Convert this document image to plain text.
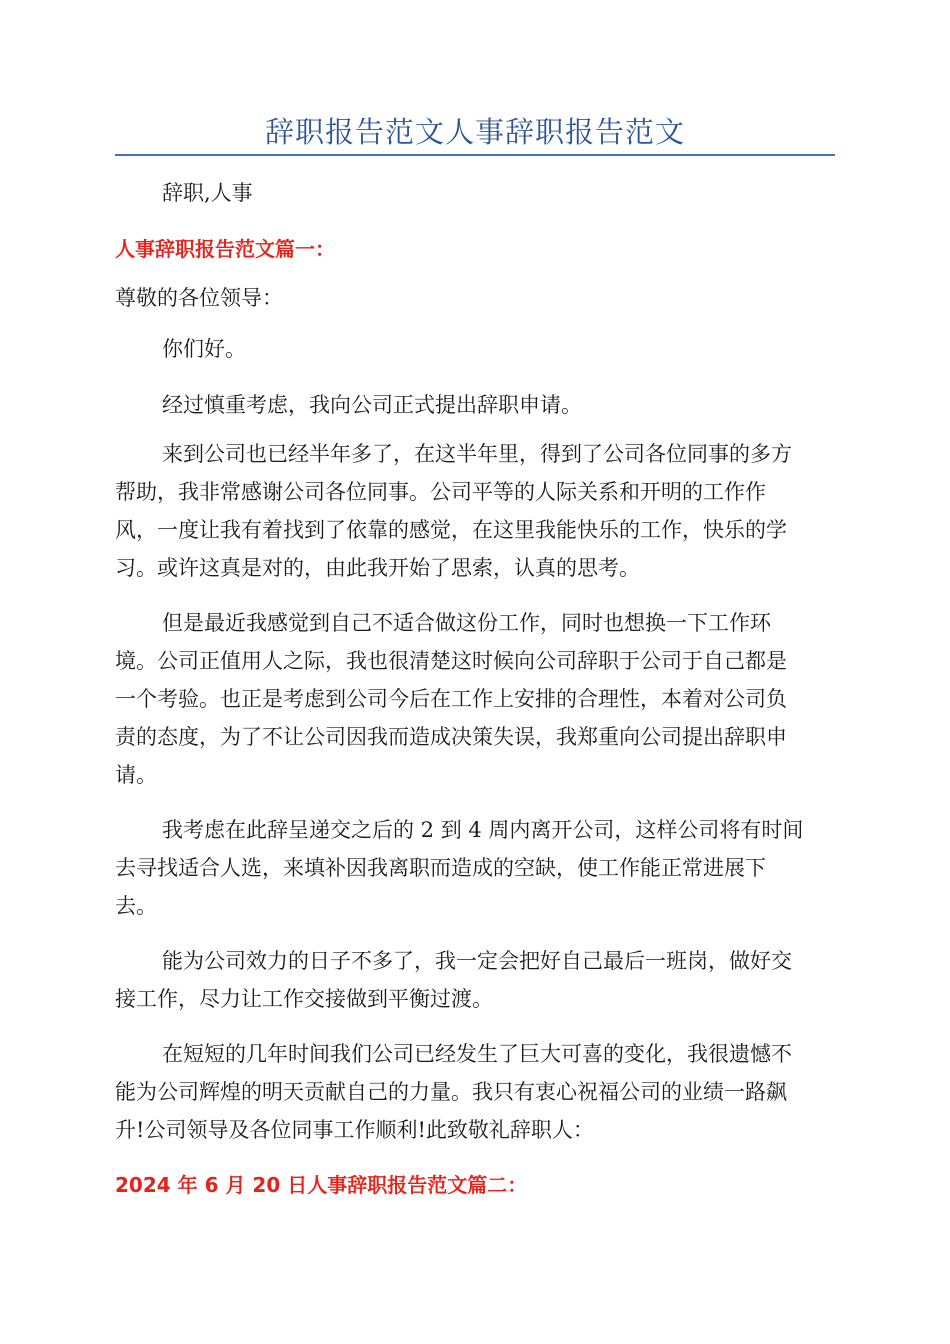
辞职报告范文人事辞职报告范文

辞职,人事

人事辞职报告范文篇一：

尊敬的各位领导：

你们好。

经过慎重考虑，我向公司正式提出辞职申请。

来到公司也已经半年多了，在这半年里，得到了公司各位同事的多方
帮助，我非常感谢公司各位同事。公司平等的人际关系和开明的工作作
风，一度让我有着找到了依靠的感觉，在这里我能快乐的工作，快乐的学
习。或许这真是对的，由此我开始了思索，认真的思考。
但是最近我感觉到自己不适合做这份工作，同时也想换一下工作环
境。公司正值用人之际，我也很清楚这时候向公司辞职于公司于自己都是
一个考验。也正是考虑到公司今后在工作上安排的合理性，本着对公司负
责的态度，为了不让公司因我而造成决策失误，我郑重向公司提出辞职申
请。
我考虑在此辞呈递交之后的 2 到 4 周内离开公司，这样公司将有时间
去寻找适合人选，来填补因我离职而造成的空缺，使工作能正常进展下
去。
能为公司效力的日子不多了，我一定会把好自己最后一班岗，做好交
接工作，尽力让工作交接做到平衡过渡。
在短短的几年时间我们公司已经发生了巨大可喜的变化，我很遗憾不
能为公司辉煌的明天贡献自己的力量。我只有衷心祝福公司的业绩一路飙
升!公司领导及各位同事工作顺利!此致敬礼辞职人：

2024 年 6 月 20 日人事辞职报告范文篇二：
